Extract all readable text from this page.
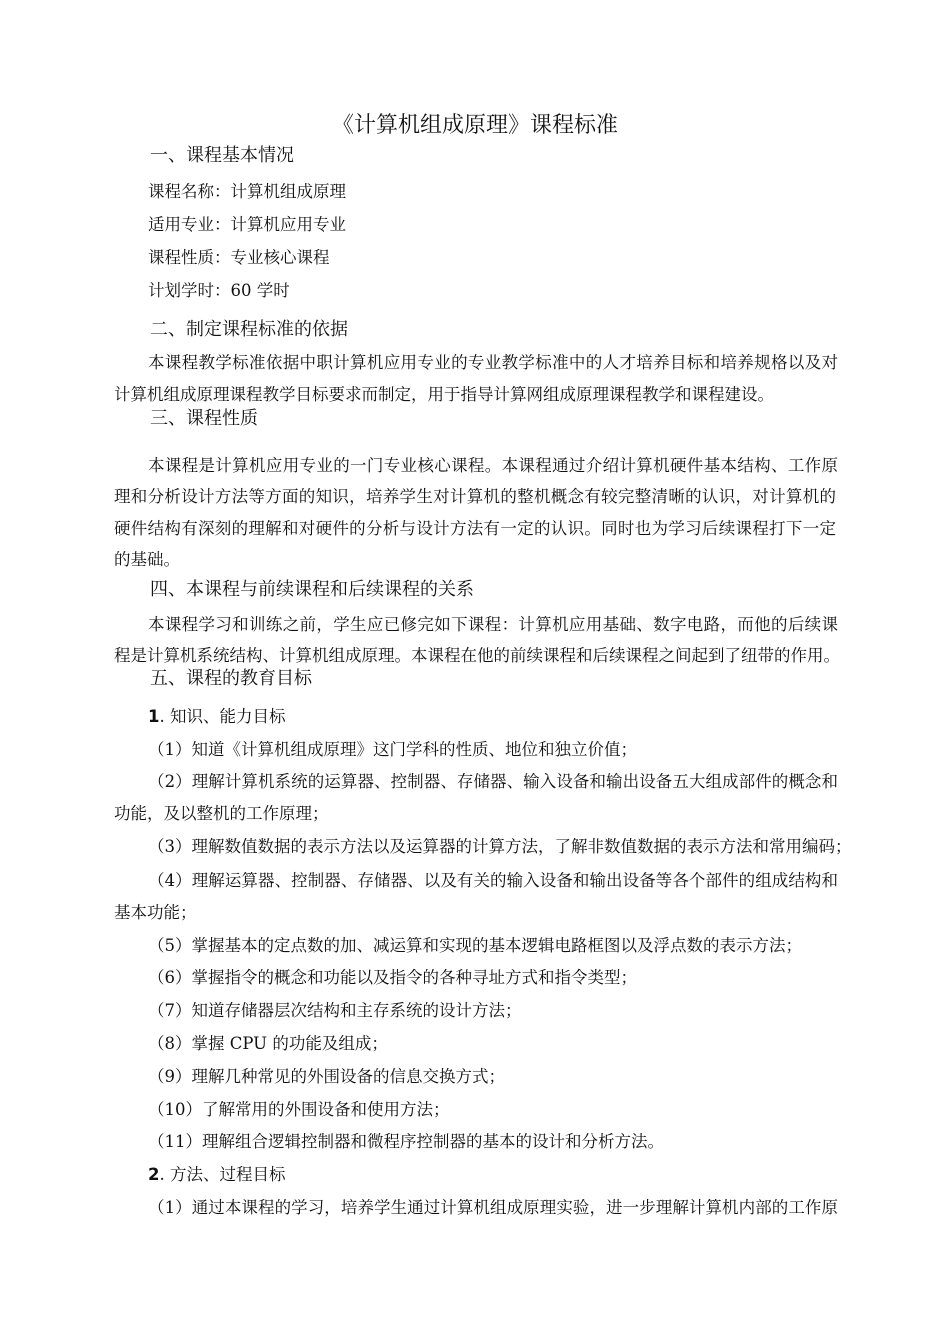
《计算机组成原理》课程标准
一、课程基本情况
课程名称：计算机组成原理
适用专业：计算机应用专业
课程性质：专业核心课程
计划学时：60 学时
二、制定课程标准的依据
本课程教学标准依据中职计算机应用专业的专业教学标准中的人才培养目标和培养规格以及对
计算机组成原理课程教学目标要求而制定，用于指导计算网组成原理课程教学和课程建设。
三、课程性质
本课程是计算机应用专业的一门专业核心课程。本课程通过介绍计算机硬件基本结构、工作原
理和分析设计方法等方面的知识，培养学生对计算机的整机概念有较完整清晰的认识，对计算机的
硬件结构有深刻的理解和对硬件的分析与设计方法有一定的认识。同时也为学习后续课程打下一定
的基础。
四、本课程与前续课程和后续课程的关系
本课程学习和训练之前，学生应已修完如下课程：计算机应用基础、数字电路，而他的后续课
程是计算机系统结构、计算机组成原理。本课程在他的前续课程和后续课程之间起到了纽带的作用。
五、课程的教育目标
1. 知识、能力目标
（1）知道《计算机组成原理》这门学科的性质、地位和独立价值；
（2）理解计算机系统的运算器、控制器、存储器、输入设备和输出设备五大组成部件的概念和
功能，及以整机的工作原理；
（3）理解数值数据的表示方法以及运算器的计算方法，了解非数值数据的表示方法和常用编码；
（4）理解运算器、控制器、存储器、以及有关的输入设备和输出设备等各个部件的组成结构和
基本功能；
（5）掌握基本的定点数的加、减运算和实现的基本逻辑电路框图以及浮点数的表示方法；
（6）掌握指令的概念和功能以及指令的各种寻址方式和指令类型；
（7）知道存储器层次结构和主存系统的设计方法；
（8）掌握 CPU 的功能及组成；
（9）理解几种常见的外围设备的信息交换方式；
（10）了解常用的外围设备和使用方法；
（11）理解组合逻辑控制器和微程序控制器的基本的设计和分析方法。
2. 方法、过程目标
（1）通过本课程的学习，培养学生通过计算机组成原理实验，进一步理解计算机内部的工作原
